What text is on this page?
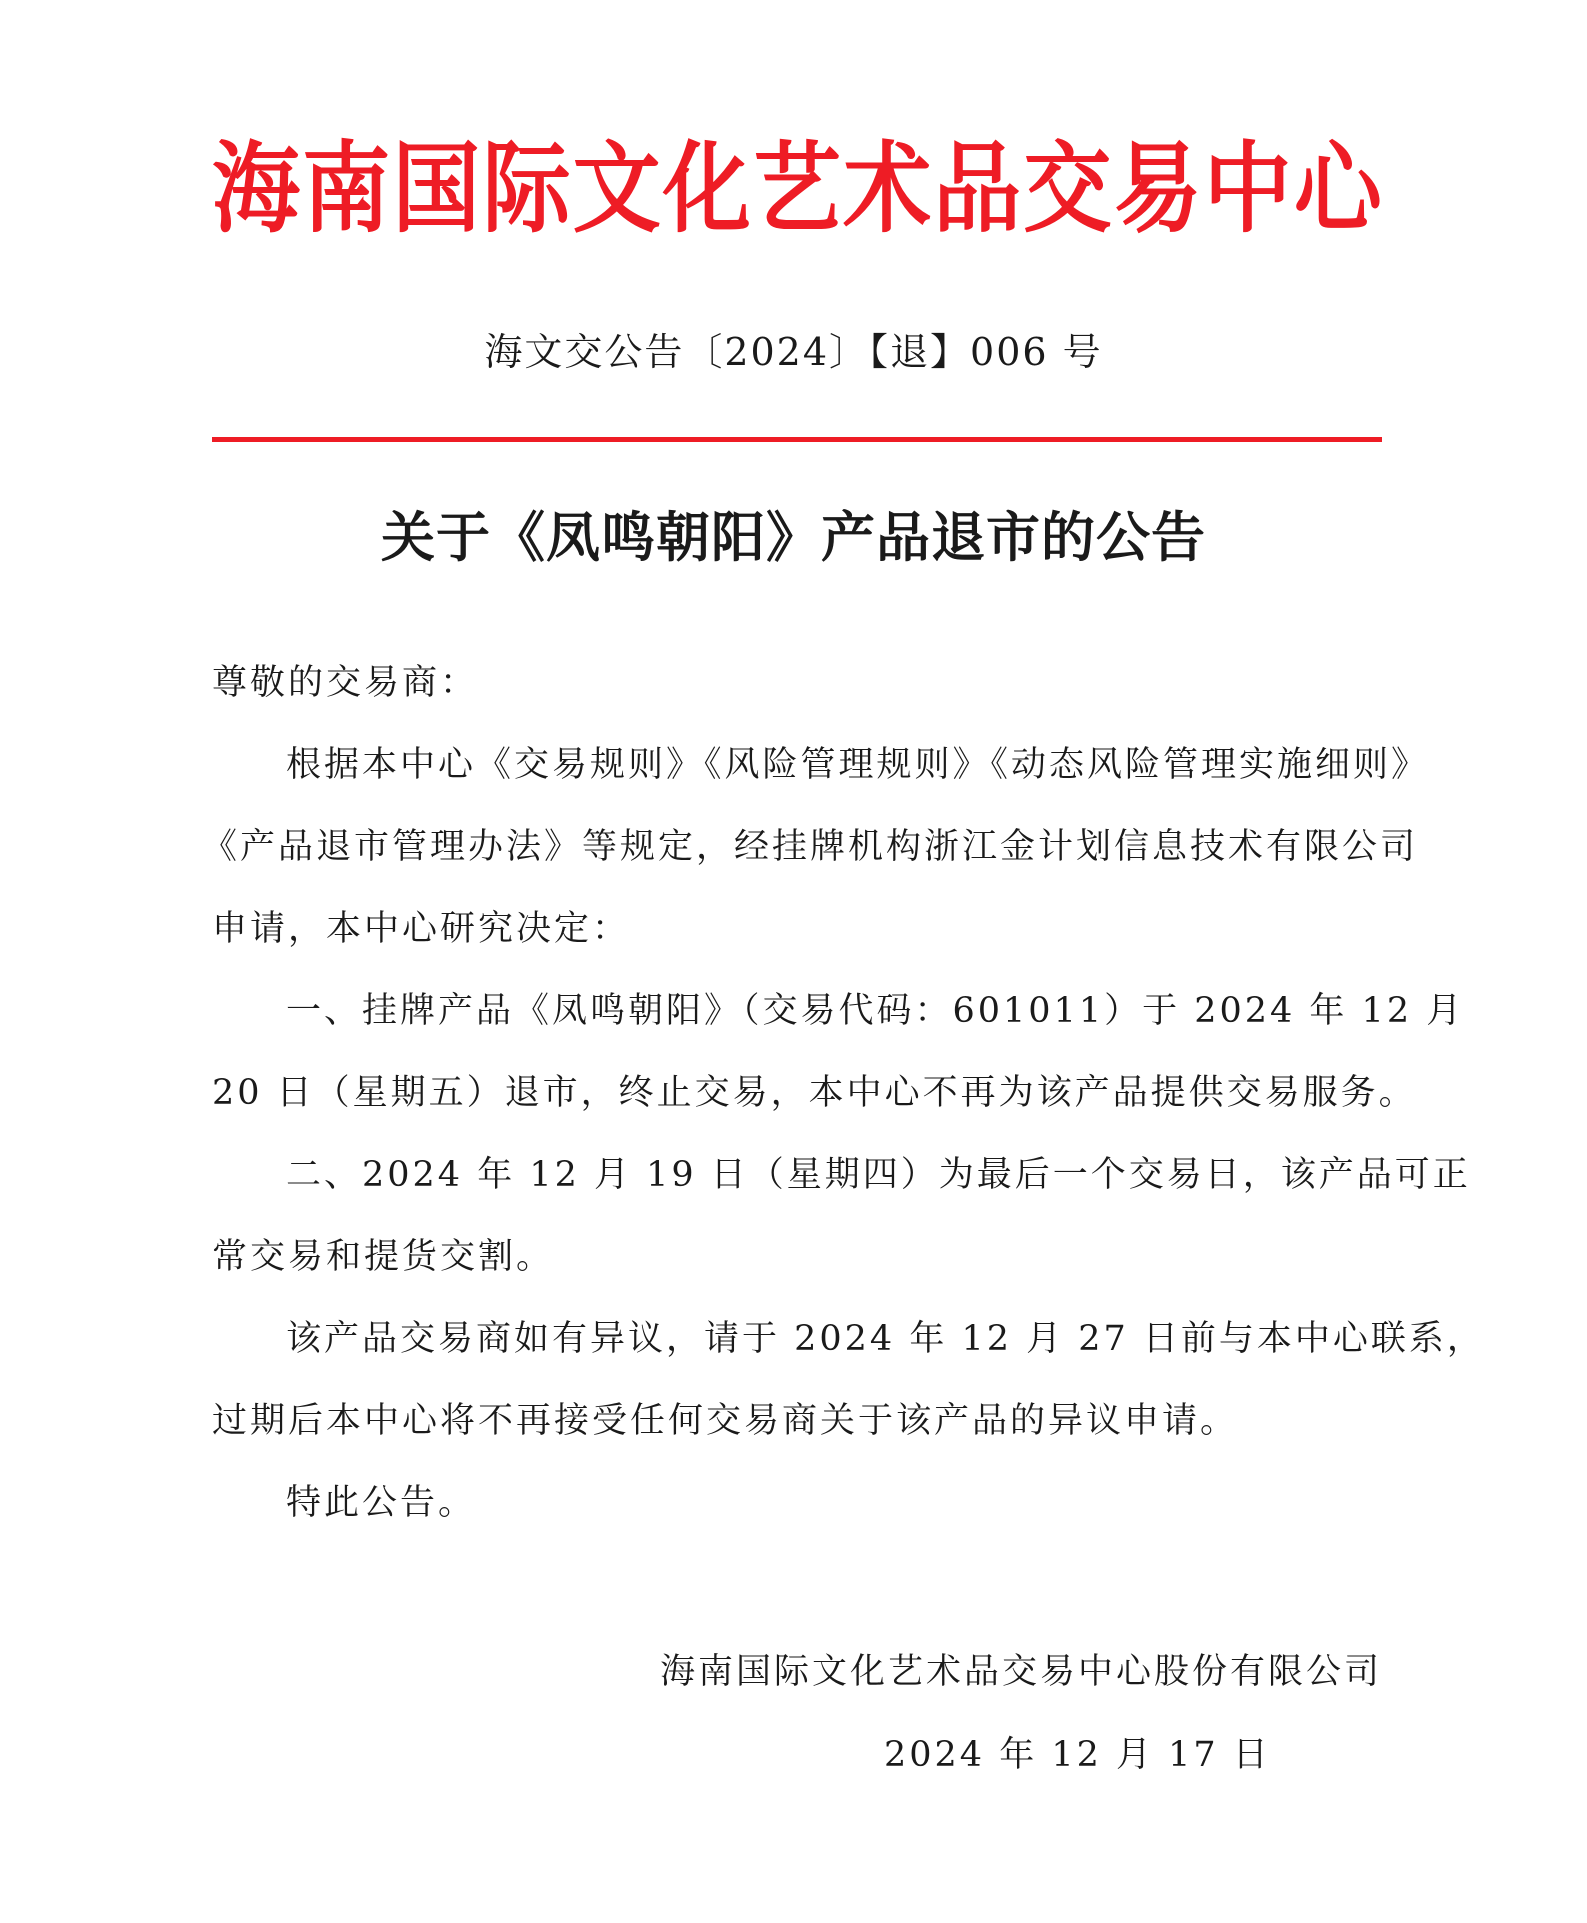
海 南 国 际 文 化 艺 术 品 交 易 中 心
海文交公告〔2024〕【退】006 号
关于《凤鸣朝阳》产品退市的公告

尊敬的交易商：

根据本中心《交易规则》《风险管理规则》《动态风险管理实施细则》

《产品退市管理办法》等规定，经挂牌机构浙江金计划信息技术有限公司

申请，本中心研究决定：

一、挂牌产品《凤鸣朝阳》（交易代码：601011）于 2024 年 12 月

20 日（星期五）退市，终止交易，本中心不再为该产品提供交易服务。

二、2024 年 12 月 19 日（星期四）为最后一个交易日，该产品可正

常交易和提货交割。

该产品交易商如有异议，请于 2024 年 12 月 27 日前与本中心联系，

过期后本中心将不再接受任何交易商关于该产品的异议申请。

特此公告。

海南国际文化艺术品交易中心股份有限公司
2024 年 12 月 17 日
